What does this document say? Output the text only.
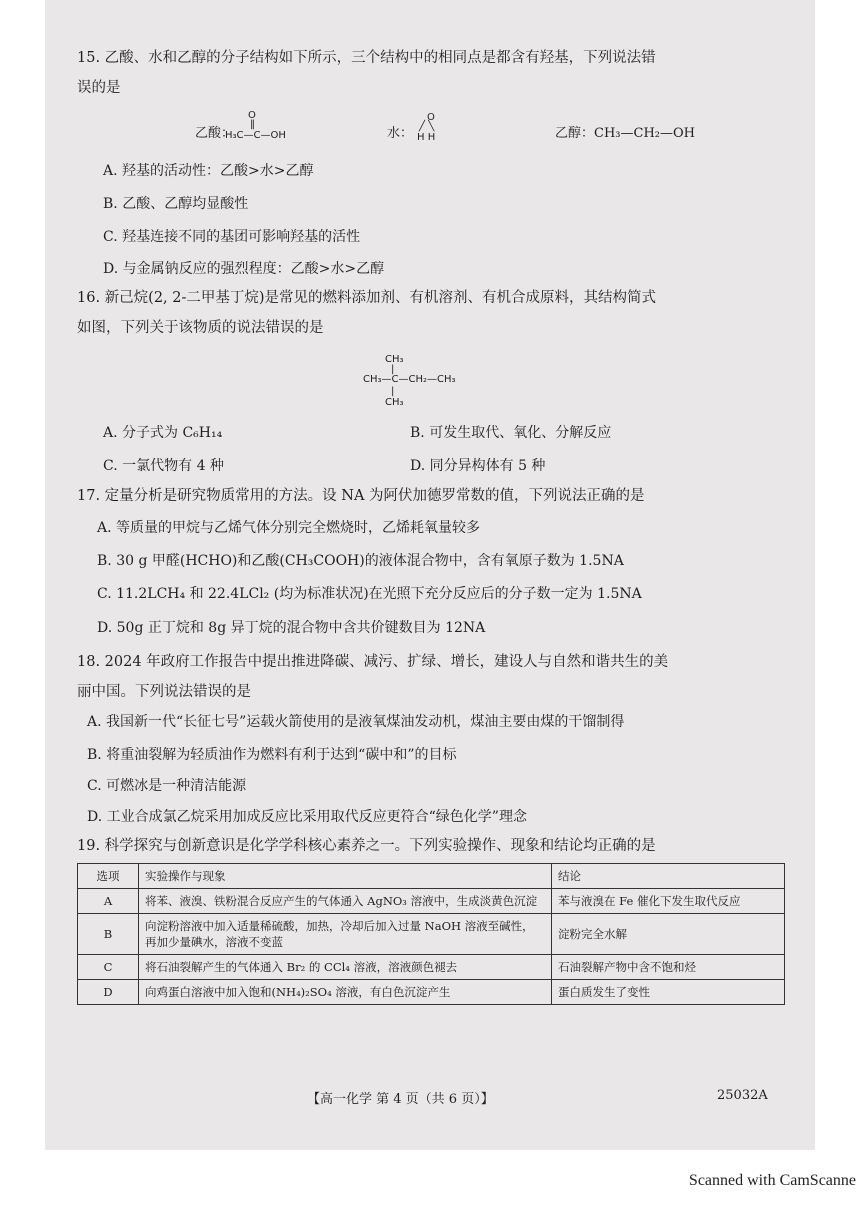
15. 乙酸、水和乙醇的分子结构如下所示，三个结构中的相同点是都含有羟基，下列说法错
误的是
乙酸：
O
‖
H₃C—C—OH	水：
O
╱ ╲
H H	乙醇：CH₃—CH₂—OH
A. 羟基的活动性：乙酸>水>乙醇
B. 乙酸、乙醇均显酸性
C. 羟基连接不同的基团可影响羟基的活性
D. 与金属钠反应的强烈程度：乙酸>水>乙醇
16. 新己烷(2, 2-二甲基丁烷)是常见的燃料添加剂、有机溶剂、有机合成原料，其结构简式
如图，下列关于该物质的说法错误的是
CH₃
|
CH₃—C—CH₂—CH₃
|
CH₃
A. 分子式为 C₆H₁₄	B. 可发生取代、氧化、分解反应
C. 一氯代物有 4 种	D. 同分异构体有 5 种
17. 定量分析是研究物质常用的方法。设 NA 为阿伏加德罗常数的值，下列说法正确的是
A. 等质量的甲烷与乙烯气体分别完全燃烧时，乙烯耗氧量较多
B. 30 g 甲醛(HCHO)和乙酸(CH₃COOH)的液体混合物中，含有氧原子数为 1.5NA
C. 11.2LCH₄ 和 22.4LCl₂ (均为标准状况)在光照下充分反应后的分子数一定为 1.5NA
D. 50g 正丁烷和 8g 异丁烷的混合物中含共价键数目为 12NA
18. 2024 年政府工作报告中提出推进降碳、减污、扩绿、增长，建设人与自然和谐共生的美
丽中国。下列说法错误的是
A. 我国新一代“长征七号”运载火箭使用的是液氧煤油发动机，煤油主要由煤的干馏制得
B. 将重油裂解为轻质油作为燃料有利于达到“碳中和”的目标
C. 可燃冰是一种清洁能源
D. 工业合成氯乙烷采用加成反应比采用取代反应更符合“绿色化学”理念
19. 科学探究与创新意识是化学学科核心素养之一。下列实验操作、现象和结论均正确的是
选项	实验操作与现象	结论
A	将苯、液溴、铁粉混合反应产生的气体通入 AgNO₃ 溶液中，生成淡黄色沉淀	苯与液溴在 Fe 催化下发生取代反应
B	向淀粉溶液中加入适量稀硫酸，加热，冷却后加入过量 NaOH 溶液至碱性，再加少量碘水，溶液不变蓝	淀粉完全水解
C	将石油裂解产生的气体通入 Br₂ 的 CCl₄ 溶液，溶液颜色褪去	石油裂解产物中含不饱和烃
D	向鸡蛋白溶液中加入饱和(NH₄)₂SO₄ 溶液，有白色沉淀产生	蛋白质发生了变性
【高一化学 第 4 页（共 6 页）】	25032A
Scanned with CamScanne
